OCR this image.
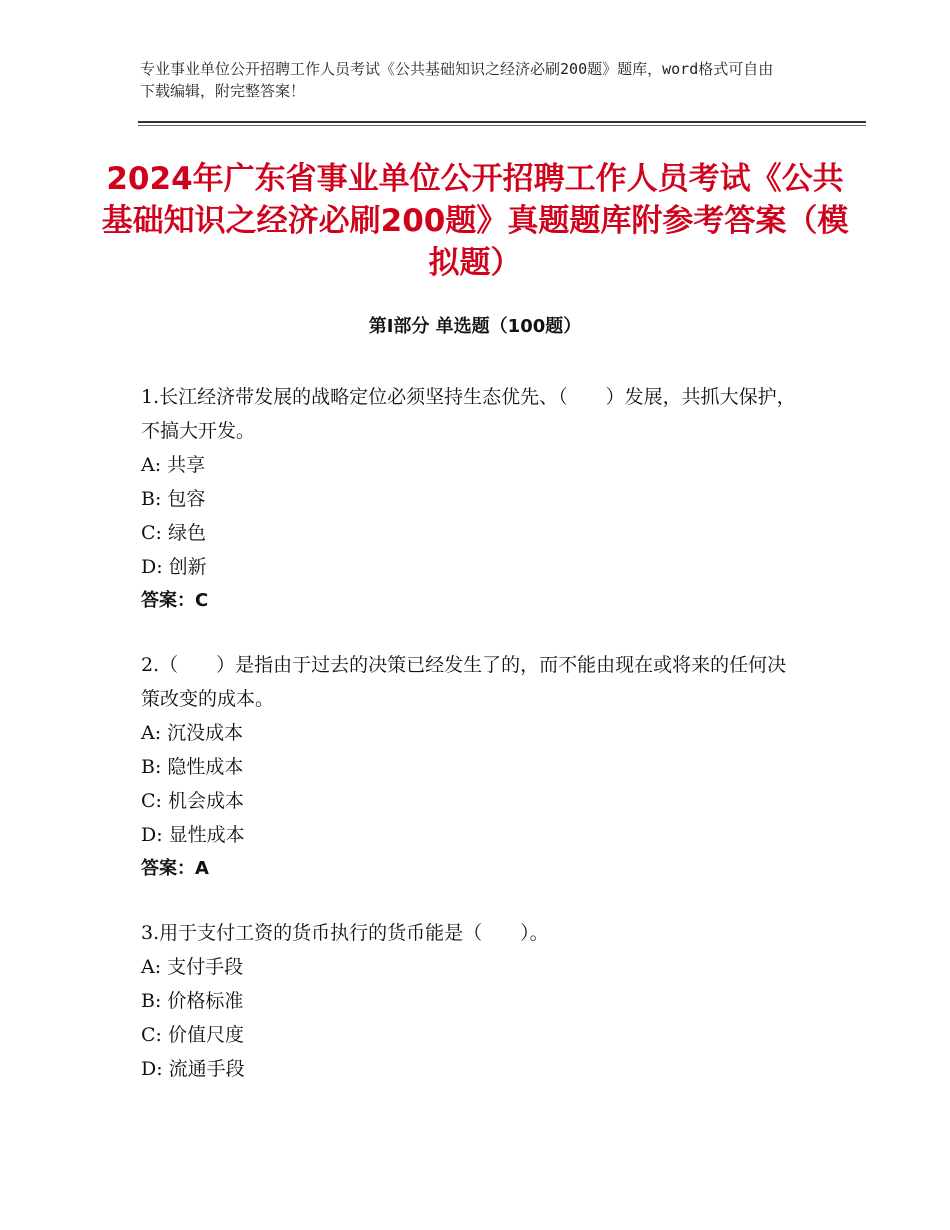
专业事业单位公开招聘工作人员考试《公共基础知识之经济必刷200题》题库，word格式可自由下载编辑，附完整答案！
2024年广东省事业单位公开招聘工作人员考试《公共基础知识之经济必刷200题》真题题库附参考答案（模拟题）
第Ⅰ部分 单选题（100题）
1.长江经济带发展的战略定位必须坚持生态优先、（　　）发展，共抓大保护，不搞大开发。
A: 共享
B: 包容
C: 绿色
D: 创新
答案：C
2.（　　）是指由于过去的决策已经发生了的，而不能由现在或将来的任何决策改变的成本。
A: 沉没成本
B: 隐性成本
C: 机会成本
D: 显性成本
答案：A
3.用于支付工资的货币执行的货币能是（　　）。
A: 支付手段
B: 价格标准
C: 价值尺度
D: 流通手段
